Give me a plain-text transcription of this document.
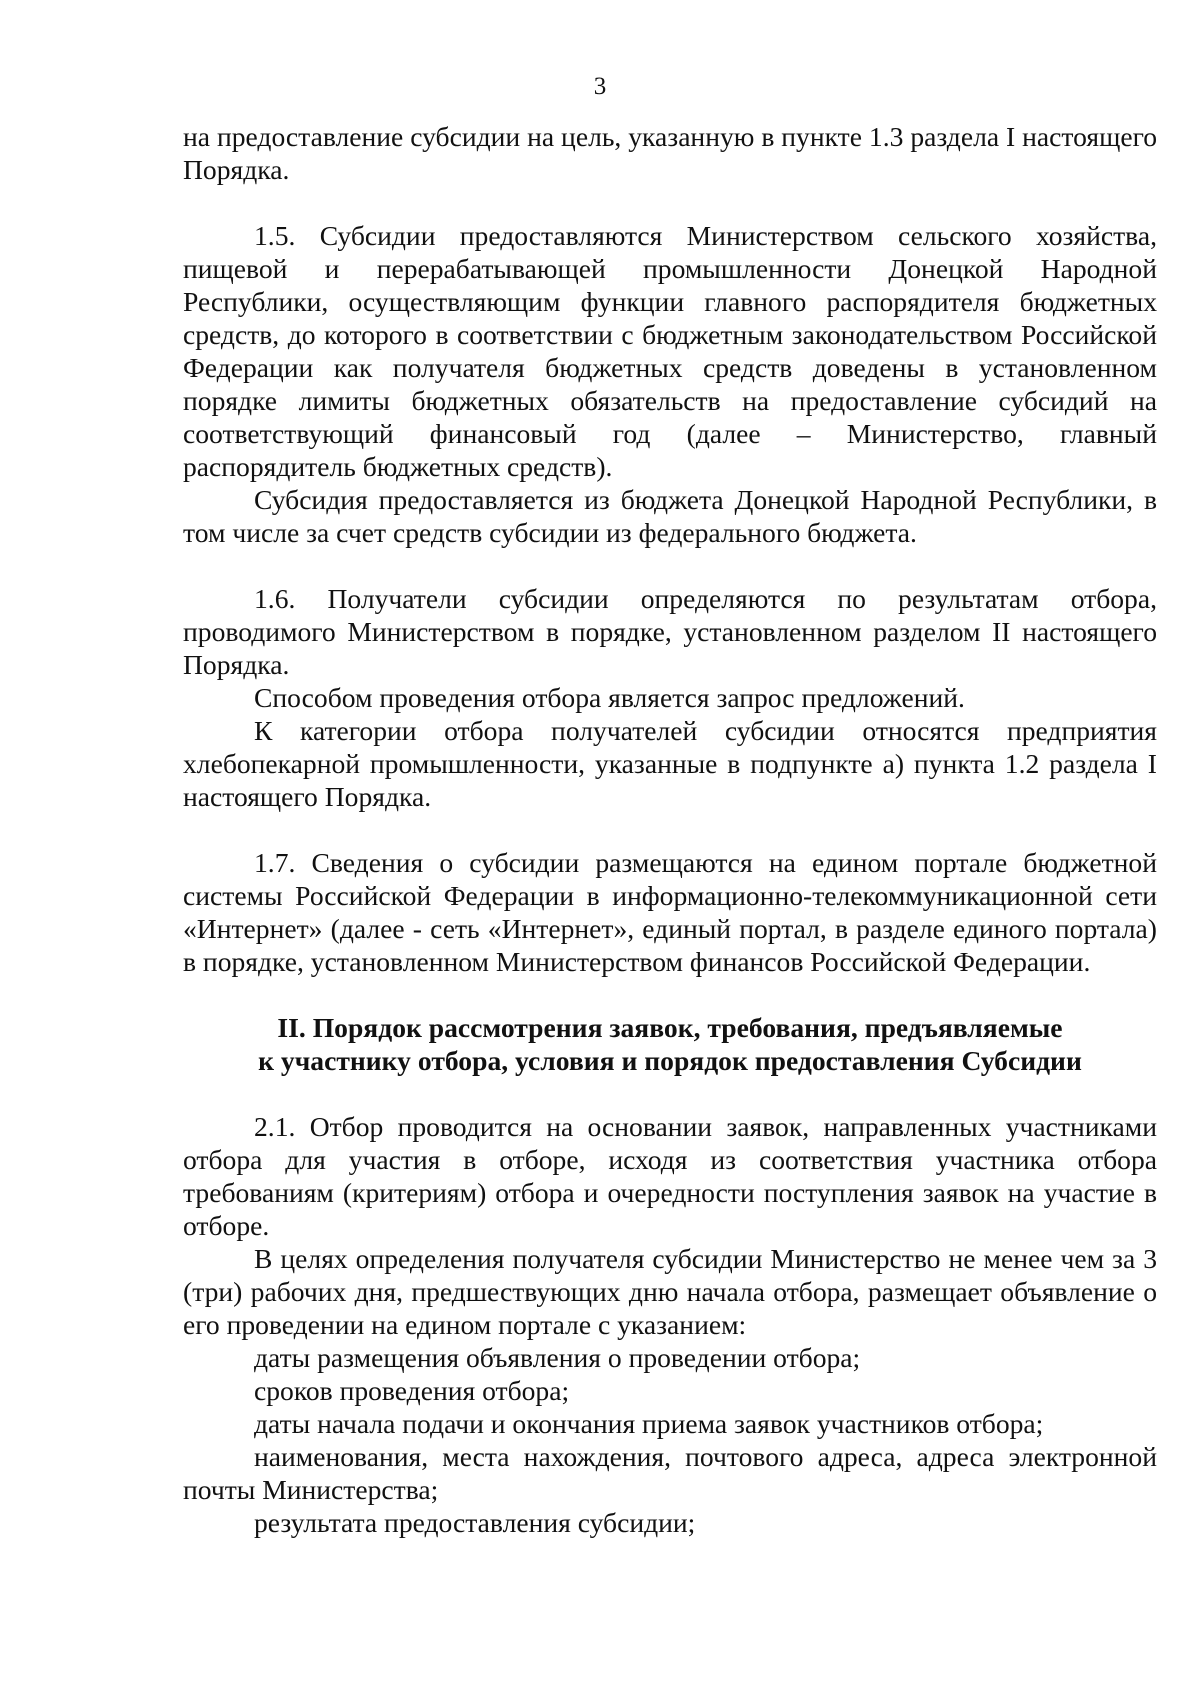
3

на предоставление субсидии на цель, указанную в пункте 1.3 раздела I настоящего Порядка.

1.5. Субсидии предоставляются Министерством сельского хозяйства, пищевой и перерабатывающей промышленности Донецкой Народной Республики, осуществляющим функции главного распорядителя бюджетных средств, до которого в соответствии с бюджетным законодательством Российской Федерации как получателя бюджетных средств доведены в установленном порядке лимиты бюджетных обязательств на предоставление субсидий на соответствующий финансовый год (далее – Министерство, главный распорядитель бюджетных средств).

Субсидия предоставляется из бюджета Донецкой Народной Республики, в том числе за счет средств субсидии из федерального бюджета.

1.6. Получатели субсидии определяются по результатам отбора, проводимого Министерством в порядке, установленном разделом II настоящего Порядка.

Способом проведения отбора является запрос предложений.

К категории отбора получателей субсидии относятся предприятия хлебопекарной промышленности, указанные в подпункте а) пункта 1.2 раздела I настоящего Порядка.

1.7. Сведения о субсидии размещаются на едином портале бюджетной системы Российской Федерации в информационно-телекоммуникационной сети «Интернет» (далее - сеть «Интернет», единый портал, в разделе единого портала) в порядке, установленном Министерством финансов Российской Федерации.

II. Порядок рассмотрения заявок, требования, предъявляемые
к участнику отбора, условия и порядок предоставления Субсидии

2.1. Отбор проводится на основании заявок, направленных участниками отбора для участия в отборе, исходя из соответствия участника отбора требованиям (критериям) отбора и очередности поступления заявок на участие в отборе.

В целях определения получателя субсидии Министерство не менее чем за 3 (три) рабочих дня, предшествующих дню начала отбора, размещает объявление о его проведении на едином портале с указанием:

даты размещения объявления о проведении отбора;

сроков проведения отбора;

даты начала подачи и окончания приема заявок участников отбора;

наименования, места нахождения, почтового адреса, адреса электронной почты Министерства;

результата предоставления субсидии;
